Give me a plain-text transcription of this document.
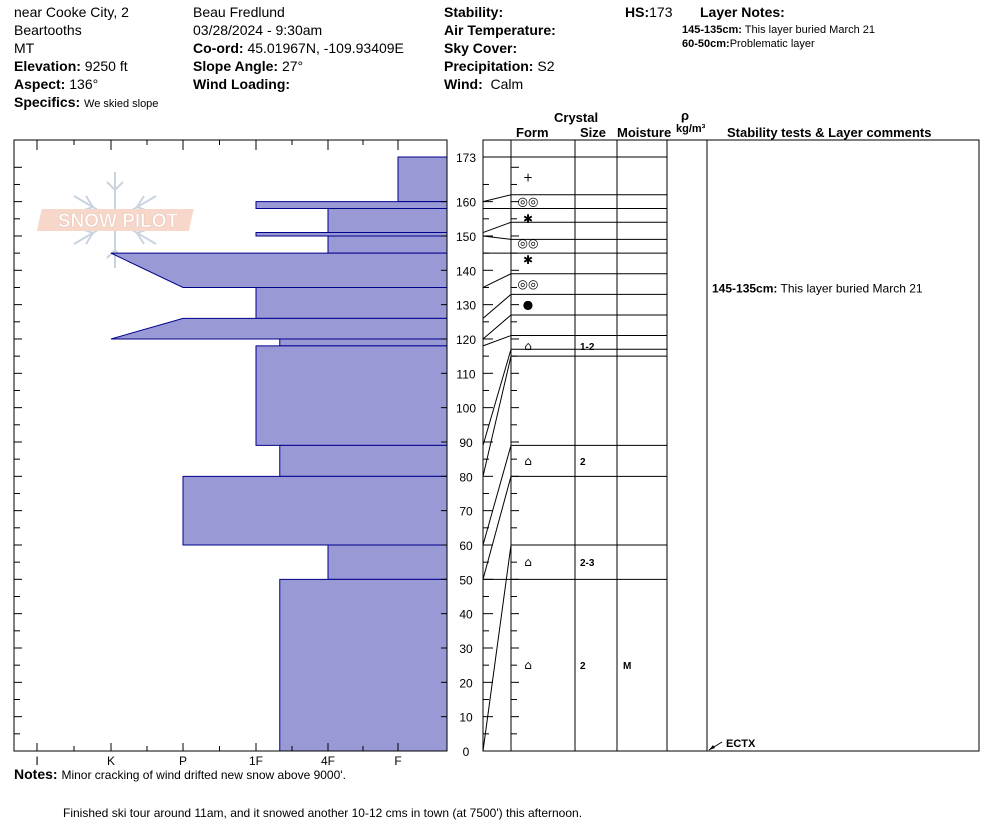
near Cooke City, 2
Beartooths
MT
Elevation: 9250 ft
Aspect: 136°
Specifics: We skied slope
Beau Fredlund
03/28/2024 - 9:30am
Co-ord: 45.01967N, -109.93409E
Slope Angle: 27°
Wind Loading:
Stability:
Air Temperature:
Sky Cover:
Precipitation: S2
Wind: Calm
HS:173 Layer Notes:
145-135cm: This layer buried March 21
60-50cm:Problematic layer
Crystal
Form Size Moisture
ρ
kg/m³ Stability tests & Layer comments
SNOW PILOT
173
160
150
140
130
120
110
100
90
80
70
60
50
40
30
20
10
0
I	K	P	1F	4F	F
+
◎◎
✱
◎◎
✱
◎◎
●
⌂	1-2
⌂	2
⌂	2-3
⌂	2	M
145-135cm: This layer buried March 21
ECTX
Notes: Minor cracking of wind drifted new snow above 9000'.
Finished ski tour around 11am, and it snowed another 10-12 cms in town (at 7500') this afternoon.
